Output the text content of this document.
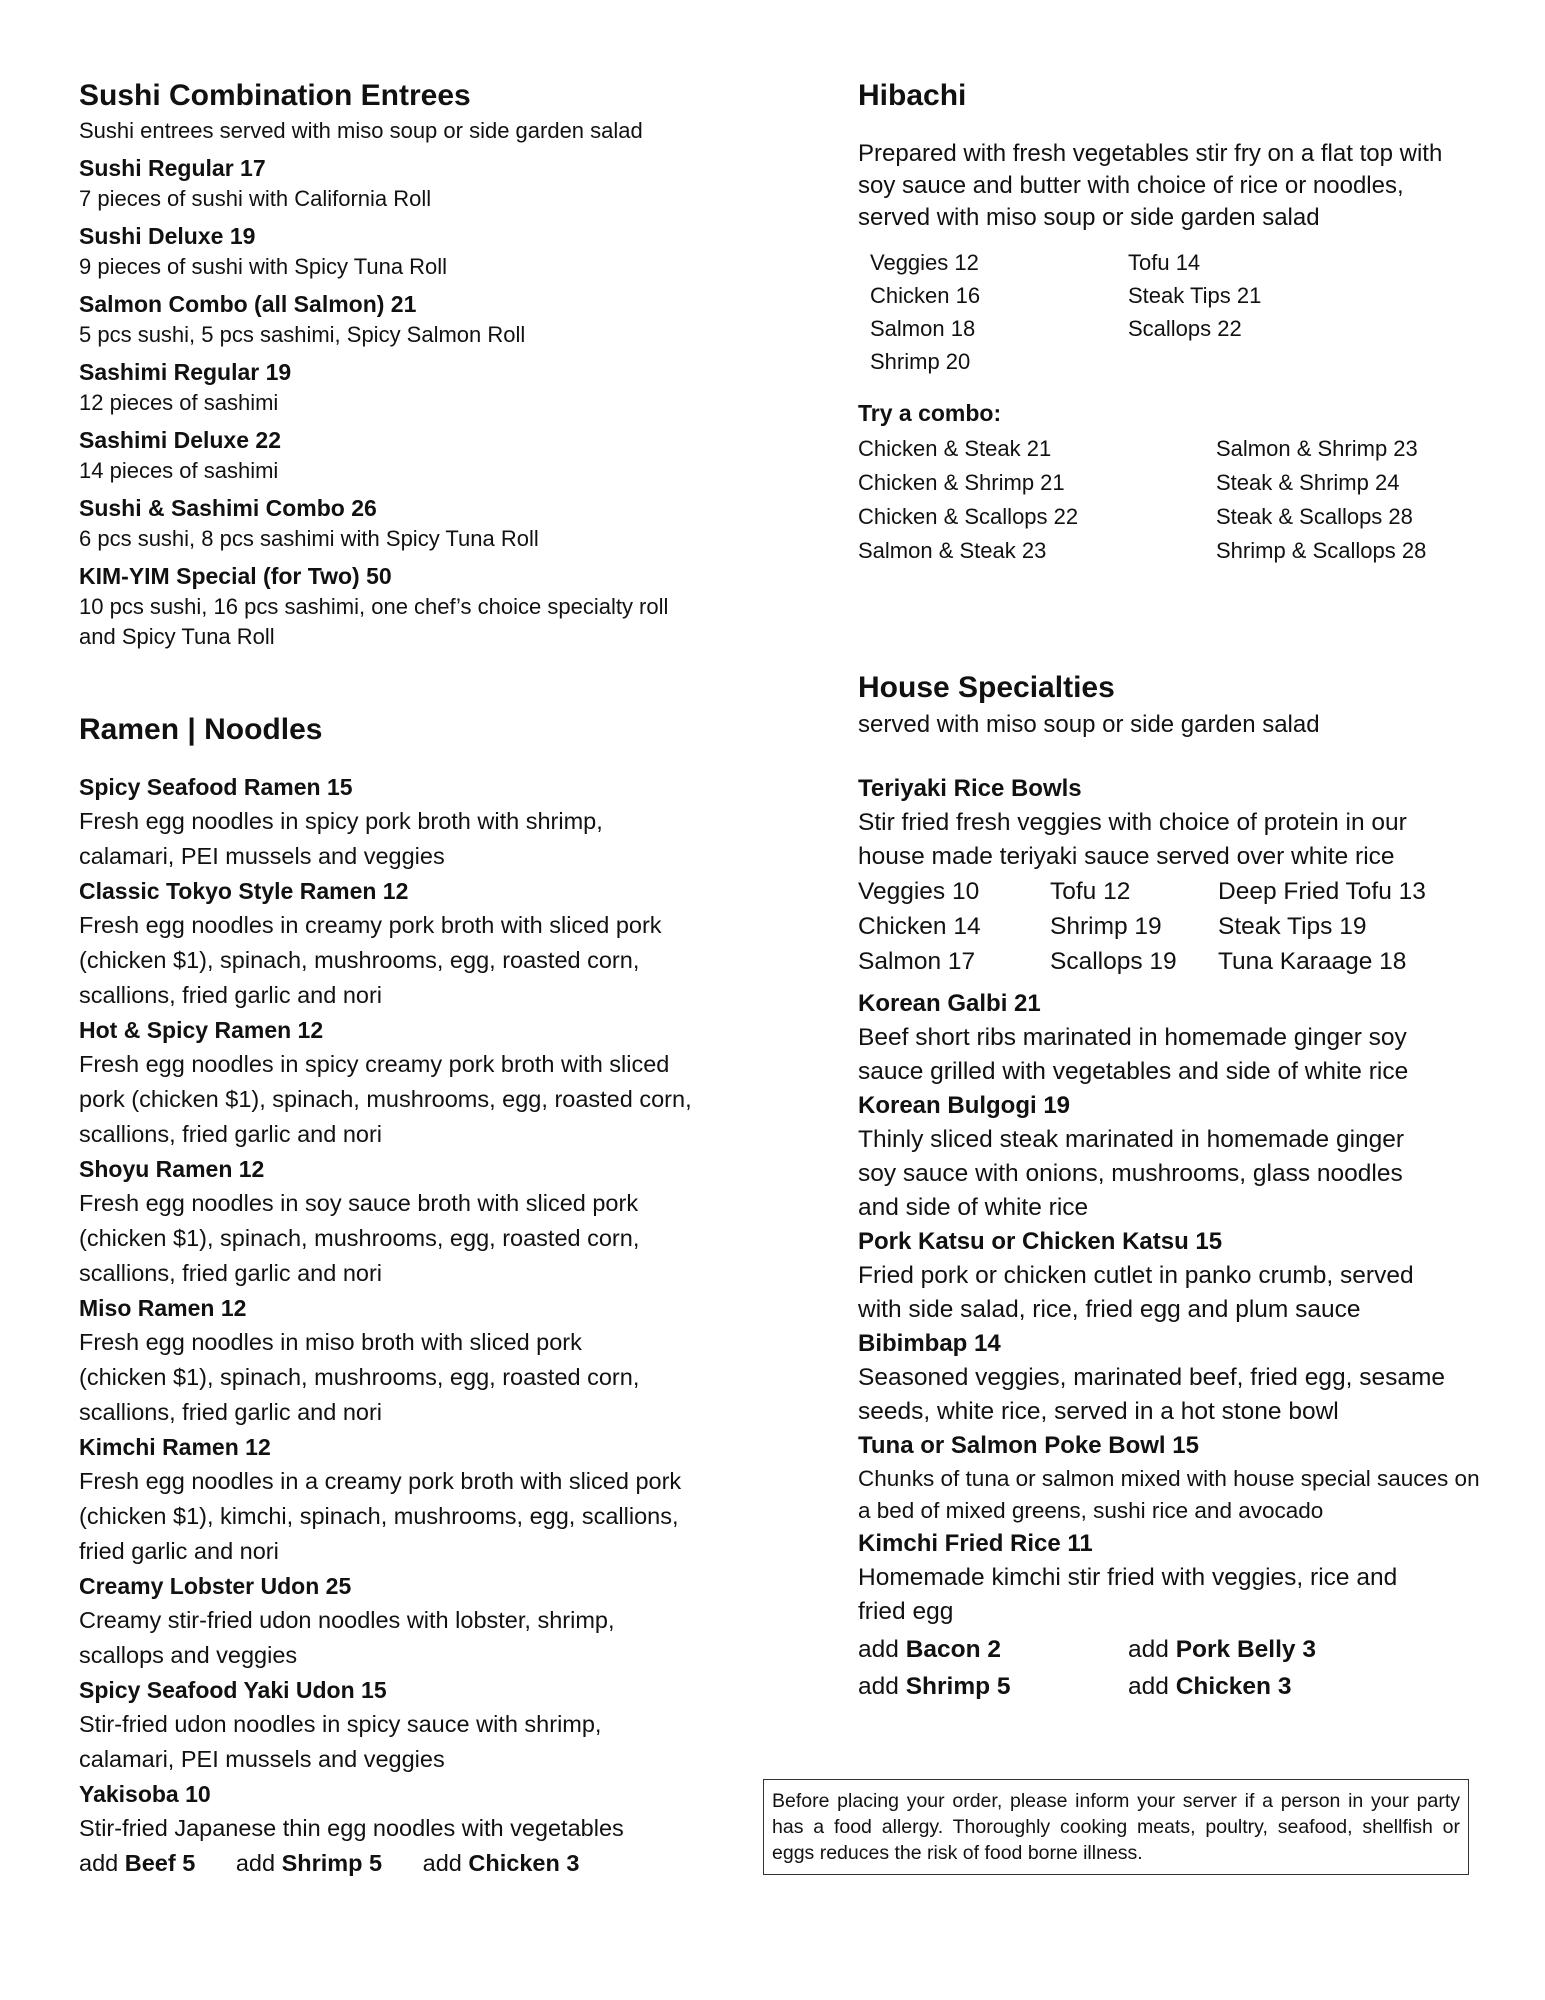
Sushi Combination Entrees

Sushi entrees served with miso soup or side garden salad

Sushi Regular 17

7 pieces of sushi with California Roll

Sushi Deluxe 19

9 pieces of sushi with Spicy Tuna Roll

Salmon Combo (all Salmon) 21

5 pcs sushi, 5 pcs sashimi, Spicy Salmon Roll

Sashimi Regular 19

12 pieces of sashimi

Sashimi Deluxe 22

14 pieces of sashimi

Sushi & Sashimi Combo 26

6 pcs sushi, 8 pcs sashimi with Spicy Tuna Roll

KIM-YIM Special (for Two) 50

10 pcs sushi, 16 pcs sashimi, one chef’s choice specialty roll and Spicy Tuna Roll

Ramen | Noodles

Spicy Seafood Ramen 15

Fresh egg noodles in spicy pork broth with shrimp, calamari, PEI mussels and veggies

Classic Tokyo Style Ramen 12

Fresh egg noodles in creamy pork broth with sliced pork (chicken $1), spinach, mushrooms, egg, roasted corn, scallions, fried garlic and nori

Hot & Spicy Ramen 12

Fresh egg noodles in spicy creamy pork broth with sliced pork (chicken $1), spinach, mushrooms, egg, roasted corn, scallions, fried garlic and nori

Shoyu Ramen 12

Fresh egg noodles in soy sauce broth with sliced pork (chicken $1), spinach, mushrooms, egg, roasted corn, scallions, fried garlic and nori

Miso Ramen 12

Fresh egg noodles in miso broth with sliced pork (chicken $1), spinach, mushrooms, egg, roasted corn, scallions, fried garlic and nori

Kimchi Ramen 12

Fresh egg noodles in a creamy pork broth with sliced pork (chicken $1), kimchi, spinach, mushrooms, egg, scallions, fried garlic and nori

Creamy Lobster Udon 25

Creamy stir-fried udon noodles with lobster, shrimp, scallops and veggies

Spicy Seafood Yaki Udon 15

Stir-fried udon noodles in spicy sauce with shrimp, calamari, PEI mussels and veggies

Yakisoba 10

Stir-fried Japanese thin egg noodles with vegetables

add Beef 5 add Shrimp 5 add Chicken 3

Hibachi

Prepared with fresh vegetables stir fry on a flat top with soy sauce and butter with choice of rice or noodles, served with miso soup or side garden salad

Veggies 12	Tofu 14
Chicken 16	Steak Tips 21
Salmon 18	Scallops 22
Shrimp 20

Try a combo:

Chicken & Steak 21	Salmon & Shrimp 23
Chicken & Shrimp 21	Steak & Shrimp 24
Chicken & Scallops 22	Steak & Scallops 28
Salmon & Steak 23	Shrimp & Scallops 28
House Specialties

served with miso soup or side garden salad

Teriyaki Rice Bowls

Stir fried fresh veggies with choice of protein in our house made teriyaki sauce served over white rice

Veggies 10	Tofu 12	Deep Fried Tofu 13
Chicken 14	Shrimp 19	Steak Tips 19
Salmon 17	Scallops 19	Tuna Karaage 18

Korean Galbi 21

Beef short ribs marinated in homemade ginger soy sauce grilled with vegetables and side of white rice

Korean Bulgogi 19

Thinly sliced steak marinated in homemade ginger soy sauce with onions, mushrooms, glass noodles and side of white rice

Pork Katsu or Chicken Katsu 15

Fried pork or chicken cutlet in panko crumb, served with side salad, rice, fried egg and plum sauce

Bibimbap 14

Seasoned veggies, marinated beef, fried egg, sesame seeds, white rice, served in a hot stone bowl

Tuna or Salmon Poke Bowl 15

Chunks of tuna or salmon mixed with house special sauces on a bed of mixed greens, sushi rice and avocado

Kimchi Fried Rice 11

Homemade kimchi stir fried with veggies, rice and fried egg

add Bacon 2	add Pork Belly 3
add Shrimp 5	add Chicken 3
Before placing your order, please inform your server if a person in your party has a food allergy. Thoroughly cooking meats, poultry, seafood, shellfish or eggs reduces the risk of food borne illness.
